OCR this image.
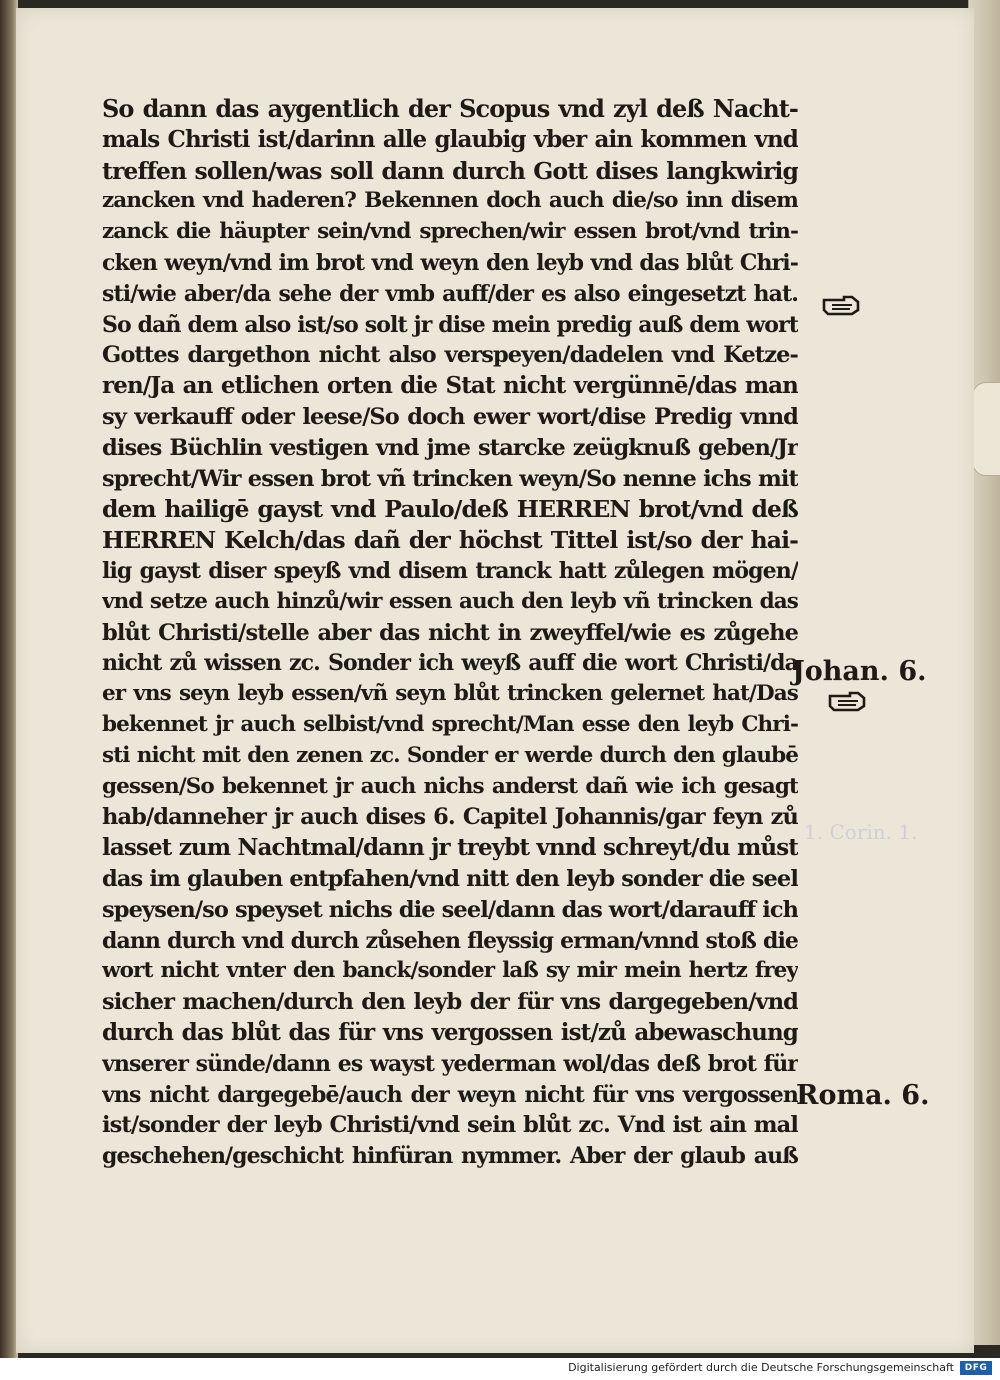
1. Corin. 1.
So dann das aygentlich der Scopus vnd zyl deß Nacht-
mals Christi ist/darinn alle glaubig vber ain kommen vnd
treffen sollen/was soll dann durch Gott dises langkwirig
zancken vnd haderen? Bekennen doch auch die/so inn disem
zanck die häupter sein/vnd sprechen/wir essen brot/vnd trin-
cken weyn/vnd im brot vnd weyn den leyb vnd das blůt Chri-
sti/wie aber/da sehe der vmb auff/der es also eingesetzt hat.
So dañ dem also ist/so solt jr dise mein predig auß dem wort
Gottes dargethon nicht also verspeyen/dadelen vnd Ketze-
ren/Ja an etlichen orten die Stat nicht vergünnē/das man
sy verkauff oder leese/So doch ewer wort/dise Predig vnnd
dises Büchlin vestigen vnd jme starcke zeügknuß geben/Jr
sprecht/Wir essen brot vñ trincken weyn/So nenne ichs mit
dem hailigē gayst vnd Paulo/deß HERREN brot/vnd deß
HERREN Kelch/das dañ der höchst Tittel ist/so der hai-
lig gayst diser speyß vnd disem tranck hatt zůlegen mögen/
vnd setze auch hinzů/wir essen auch den leyb vñ trincken das
blůt Christi/stelle aber das nicht in zweyffel/wie es zůgehe
nicht zů wissen zc. Sonder ich weyß auff die wort Christi/da
er vns seyn leyb essen/vñ seyn blůt trincken gelernet hat/Das
bekennet jr auch selbist/vnd sprecht/Man esse den leyb Chri-
sti nicht mit den zenen zc. Sonder er werde durch den glaubē
gessen/So bekennet jr auch nichs anderst dañ wie ich gesagt
hab/danneher jr auch dises 6. Capitel Johannis/gar feyn zů
lasset zum Nachtmal/dann jr treybt vnnd schreyt/du můst
das im glauben entpfahen/vnd nitt den leyb sonder die seel
speysen/so speyset nichs die seel/dann das wort/darauff ich
dann durch vnd durch zůsehen fleyssig erman/vnnd stoß die
wort nicht vnter den banck/sonder laß sy mir mein hertz frey
sicher machen/durch den leyb der für vns dargegeben/vnd
durch das blůt das für vns vergossen ist/zů abewaschung
vnserer sünde/dann es wayst yederman wol/das deß brot für
vns nicht dargegebē/auch der weyn nicht für vns vergossen
ist/sonder der leyb Christi/vnd sein blůt zc. Vnd ist ain mal
geschehen/geschicht hinfüran nymmer. Aber der glaub auß
Johan. 6.
Roma. 6.
Digitalisierung gefördert durch die Deutsche Forschungsgemeinschaft	DFG
